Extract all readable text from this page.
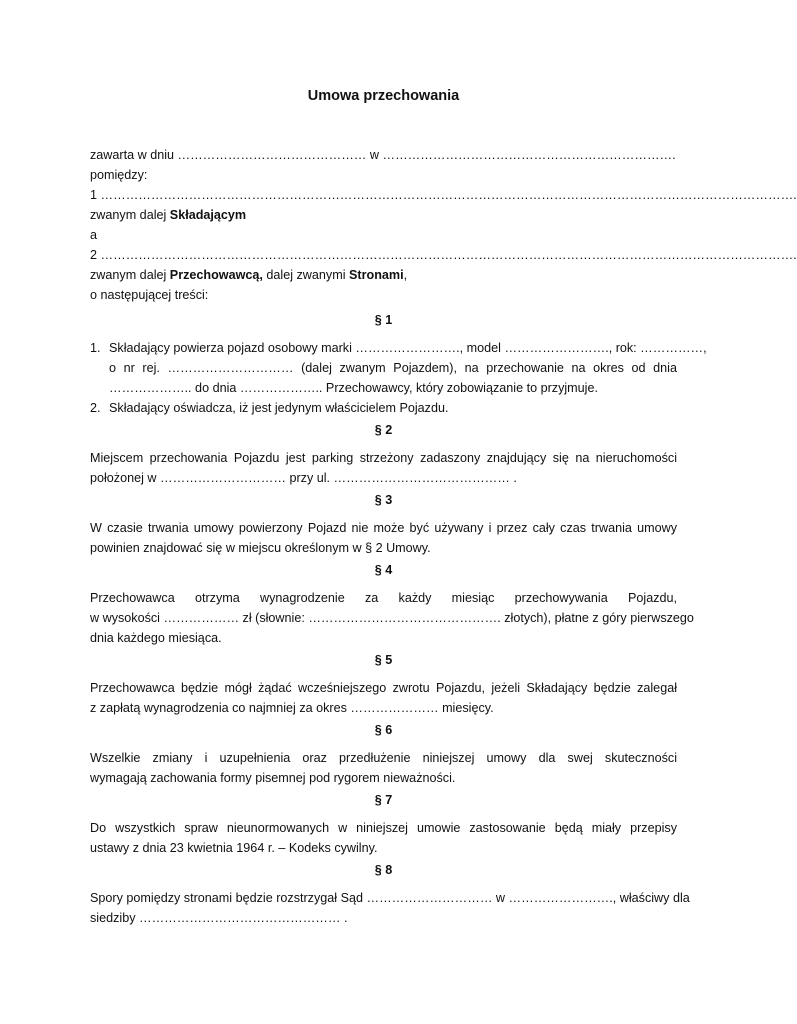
Umowa przechowania
zawarta w dniu ……………………………………… w …………………………………………………………….
pomiędzy:
1 ………………………………………………………………………………………………………………………………………………….
zwanym dalej Składającym
a
2 ………………………………………………………………………………………………………………………………………………….
zwanym dalej Przechowawcą, dalej zwanymi Stronami,
o następującej treści:
§ 1
1. Składający powierza pojazd osobowy marki ……………………., model ……………………., rok: ……………,
o nr rej. ………………………… (dalej zwanym Pojazdem), na przechowanie na okres od dnia
……………….. do dnia ……………….. Przechowawcy, który zobowiązanie to przyjmuje.
2. Składający oświadcza, iż jest jedynym właścicielem Pojazdu.
§ 2
Miejscem przechowania Pojazdu jest parking strzeżony zadaszony znajdujący się na nieruchomości
położonej w ………………………… przy ul. …………………………………… .
§ 3
W czasie trwania umowy powierzony Pojazd nie może być używany i przez cały czas trwania umowy
powinien znajdować się w miejscu określonym w § 2 Umowy.
§ 4
Przechowawca otrzyma wynagrodzenie za każdy miesiąc przechowywania Pojazdu,
w wysokości ……………… zł (słownie: ………………………………………. złotych), płatne z góry pierwszego
dnia każdego miesiąca.
§ 5
Przechowawca będzie mógł żądać wcześniejszego zwrotu Pojazdu, jeżeli Składający będzie zalegał
z zapłatą wynagrodzenia co najmniej za okres ………………… miesięcy.
§ 6
Wszelkie zmiany i uzupełnienia oraz przedłużenie niniejszej umowy dla swej skuteczności
wymagają zachowania formy pisemnej pod rygorem nieważności.
§ 7
Do wszystkich spraw nieunormowanych w niniejszej umowie zastosowanie będą miały przepisy
ustawy z dnia 23 kwietnia 1964 r. – Kodeks cywilny.
§ 8
Spory pomiędzy stronami będzie rozstrzygał Sąd ………………………… w ……………………., właściwy dla
siedziby ………………………………………… .
